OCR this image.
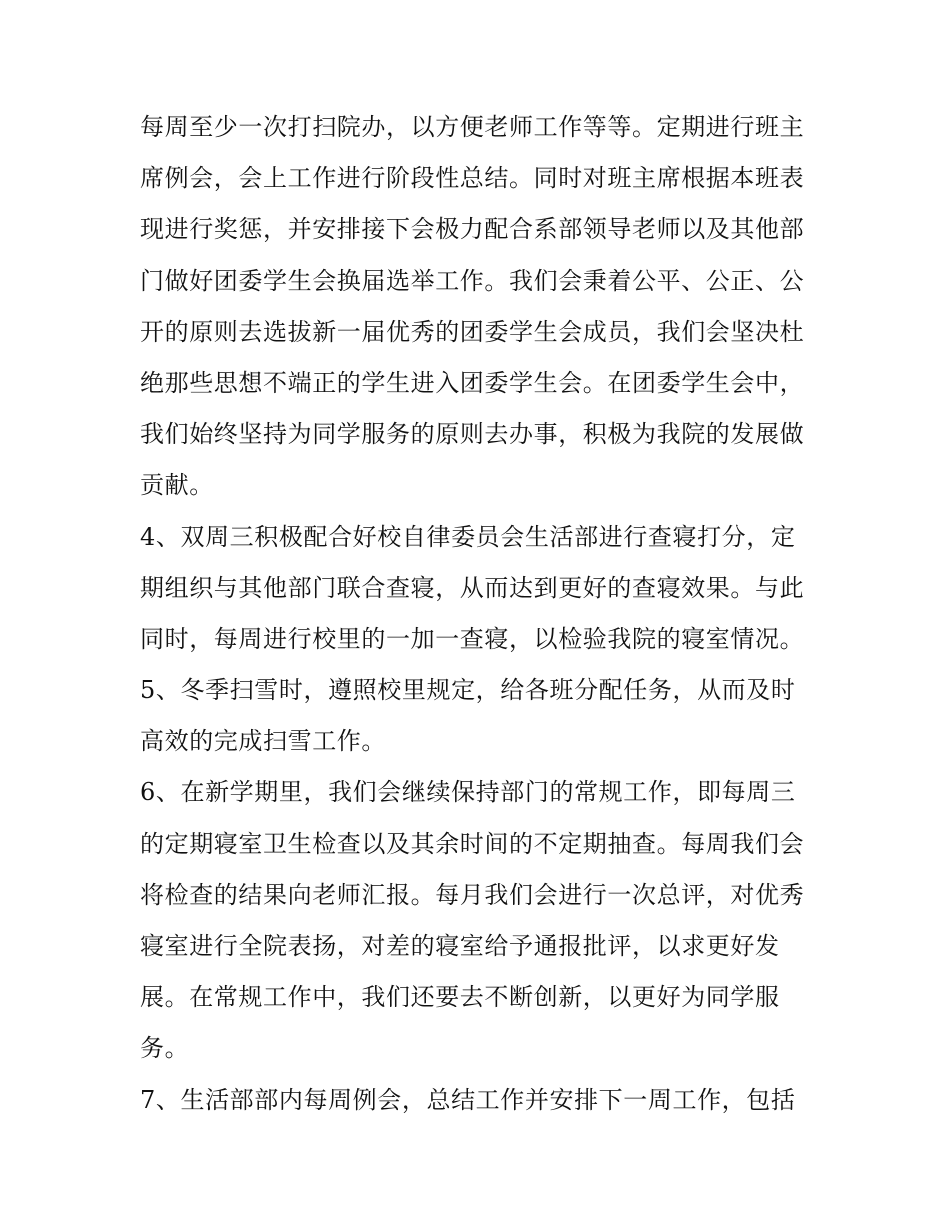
每周至少一次打扫院办，以方便老师工作等等。定期进行班主
席例会，会上工作进行阶段性总结。同时对班主席根据本班表
现进行奖惩，并安排接下会极力配合系部领导老师以及其他部
门做好团委学生会换届选举工作。我们会秉着公平、公正、公
开的原则去选拔新一届优秀的团委学生会成员，我们会坚决杜
绝那些思想不端正的学生进入团委学生会。在团委学生会中，
我们始终坚持为同学服务的原则去办事，积极为我院的发展做
贡献。
4、双周三积极配合好校自律委员会生活部进行查寝打分，定
期组织与其他部门联合查寝，从而达到更好的查寝效果。与此
同时，每周进行校里的一加一查寝，以检验我院的寝室情况。
5、冬季扫雪时，遵照校里规定，给各班分配任务，从而及时
高效的完成扫雪工作。
6、在新学期里，我们会继续保持部门的常规工作，即每周三
的定期寝室卫生检查以及其余时间的不定期抽查。每周我们会
将检查的结果向老师汇报。每月我们会进行一次总评，对优秀
寝室进行全院表扬，对差的寝室给予通报批评，以求更好发
展。在常规工作中，我们还要去不断创新，以更好为同学服
务。
7、生活部部内每周例会，总结工作并安排下一周工作，包括
